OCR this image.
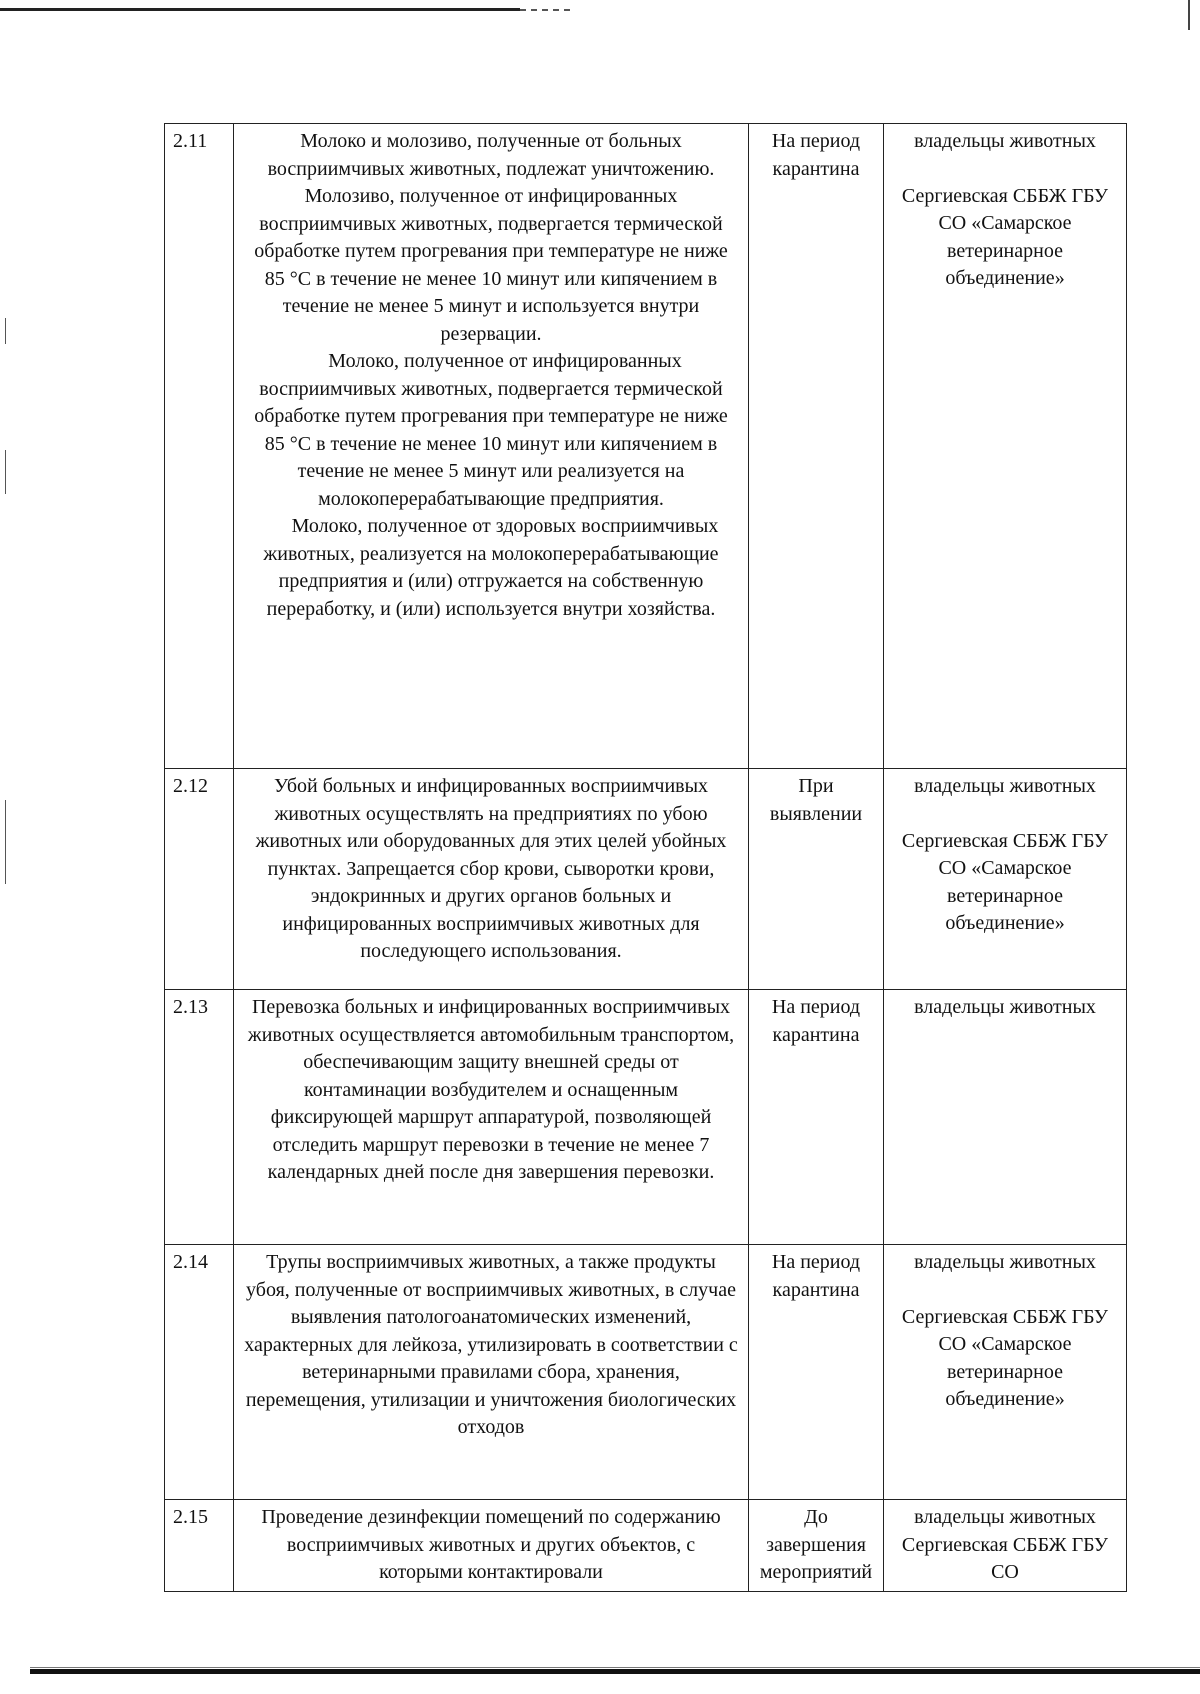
2.11	Молоко и молозиво, полученные от больных восприимчивых животных, подлежат уничтожению. Молозиво, полученное от инфицированных восприимчивых животных, подвергается термической обработке путем прогревания при температуре не ниже 85 °С в течение не менее 10 минут или кипячением в течение не менее 5 минут и используется внутри резервации.
Молоко, полученное от инфицированных восприимчивых животных, подвергается термической обработке путем прогревания при температуре не ниже 85 °С в течение не менее 10 минут или кипячением в течение не менее 5 минут или реализуется на молокоперерабатывающие предприятия.
Молоко, полученное от здоровых восприимчивых животных, реализуется на молокоперерабатывающие предприятия и (или) отгружается на собственную переработку, и (или) используется внутри хозяйства.	На период карантина	владельцы животных
Сергиевская СББЖ ГБУ СО «Самарское ветеринарное объединение»

2.12	Убой больных и инфицированных восприимчивых животных осуществлять на предприятиях по убою животных или оборудованных для этих целей убойных пунктах. Запрещается сбор крови, сыворотки крови, эндокринных и других органов больных и инфицированных восприимчивых животных для последующего использования.	При выявлении	владельцы животных
Сергиевская СББЖ ГБУ СО «Самарское ветеринарное объединение»

2.13	Перевозка больных и инфицированных восприимчивых животных осуществляется автомобильным транспортом, обеспечивающим защиту внешней среды от контаминации возбудителем и оснащенным фиксирующей маршрут аппаратурой, позволяющей отследить маршрут перевозки в течение не менее 7 календарных дней после дня завершения перевозки.	На период карантина	владельцы животных

2.14	Трупы восприимчивых животных, а также продукты убоя, полученные от восприимчивых животных, в случае выявления патологоанатомических изменений, характерных для лейкоза, утилизировать в соответствии с ветеринарными правилами сбора, хранения, перемещения, утилизации и уничтожения биологических отходов	На период карантина	владельцы животных
Сергиевская СББЖ ГБУ СО «Самарское ветеринарное объединение»

2.15	Проведение дезинфекции помещений по содержанию восприимчивых животных и других объектов, с которыми контактировали	До завершения мероприятий	владельцы животных
Сергиевская СББЖ ГБУ СО
